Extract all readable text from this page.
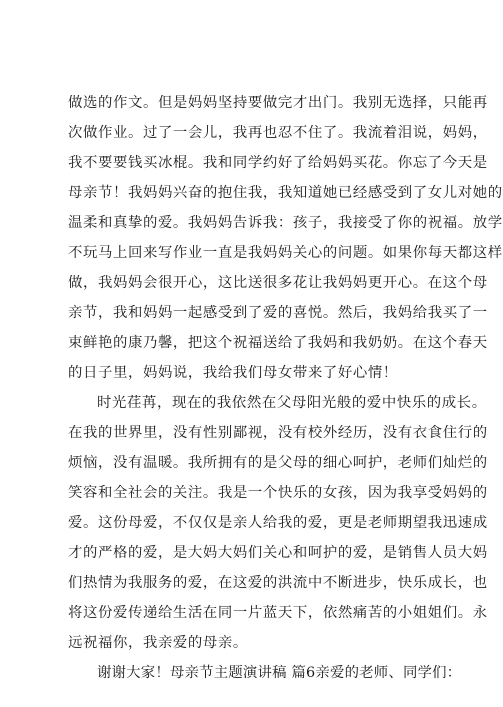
做选的作文。但是妈妈坚持要做完才出门。我别无选择，只能再
次做作业。过了一会儿，我再也忍不住了。我流着泪说，妈妈，
我不要要钱买冰棍。我和同学约好了给妈妈买花。你忘了今天是
母亲节！我妈妈兴奋的抱住我，我知道她已经感受到了女儿对她的
温柔和真挚的爱。我妈妈告诉我：孩子，我接受了你的祝福。放学
不玩马上回来写作业一直是我妈妈关心的问题。如果你每天都这样
做，我妈妈会很开心，这比送很多花让我妈妈更开心。在这个母
亲节，我和妈妈一起感受到了爱的喜悦。然后，我妈给我买了一
束鲜艳的康乃馨，把这个祝福送给了我妈和我奶奶。在这个春天
的日子里，妈妈说，我给我们母女带来了好心情！
时光荏苒，现在的我依然在父母阳光般的爱中快乐的成长。
在我的世界里，没有性别鄙视，没有校外经历，没有衣食住行的
烦恼，没有温暖。我所拥有的是父母的细心呵护，老师们灿烂的
笑容和全社会的关注。我是一个快乐的女孩，因为我享受妈妈的
爱。这份母爱，不仅仅是亲人给我的爱，更是老师期望我迅速成
才的严格的爱，是大妈大妈们关心和呵护的爱，是销售人员大妈
们热情为我服务的爱，在这爱的洪流中不断进步，快乐成长，也
将这份爱传递给生活在同一片蓝天下，依然痛苦的小姐姐们。永
远祝福你，我亲爱的母亲。
谢谢大家！母亲节主题演讲稿 篇6亲爱的老师、同学们：
